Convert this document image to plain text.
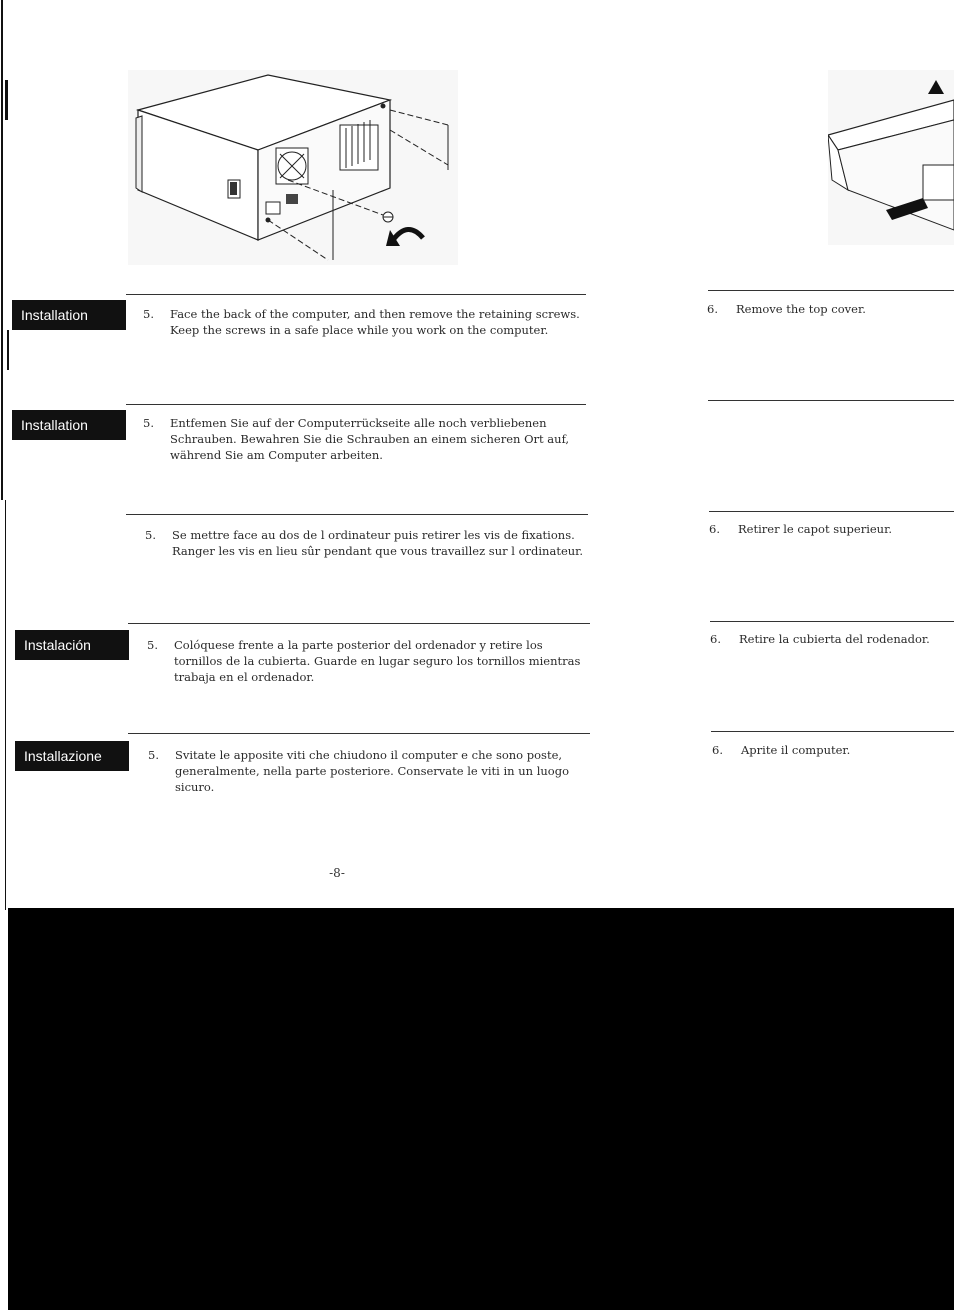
Installation	5.	Face the back of the computer, and then remove the retaining screws. Keep the screws in a safe place while you work on the computer.
6.	Remove the top cover.
Installation	5.	Entfemen Sie auf der Computerrückseite alle noch verbliebenen Schrauben. Bewahren Sie die Schrauben an einem sicheren Ort auf, während Sie am Computer arbeiten.
5.	Se mettre face au dos de l ordinateur puis retirer les vis de fixations. Ranger les vis en lieu sûr pendant que vous travaillez sur l ordinateur.
6.	Retirer le capot superieur.
Instalación	5.	Colóquese frente a la parte posterior del ordenador y retire los tornillos de la cubierta. Guarde en lugar seguro los tornillos mientras trabaja en el ordenador.
6.	Retire la cubierta del rodenador.
Installazione	5.	Svitate le apposite viti che chiudono il computer e che sono poste, generalmente, nella parte posteriore. Conservate le viti in un luogo sicuro.
6.	Aprite il computer.
-8-
